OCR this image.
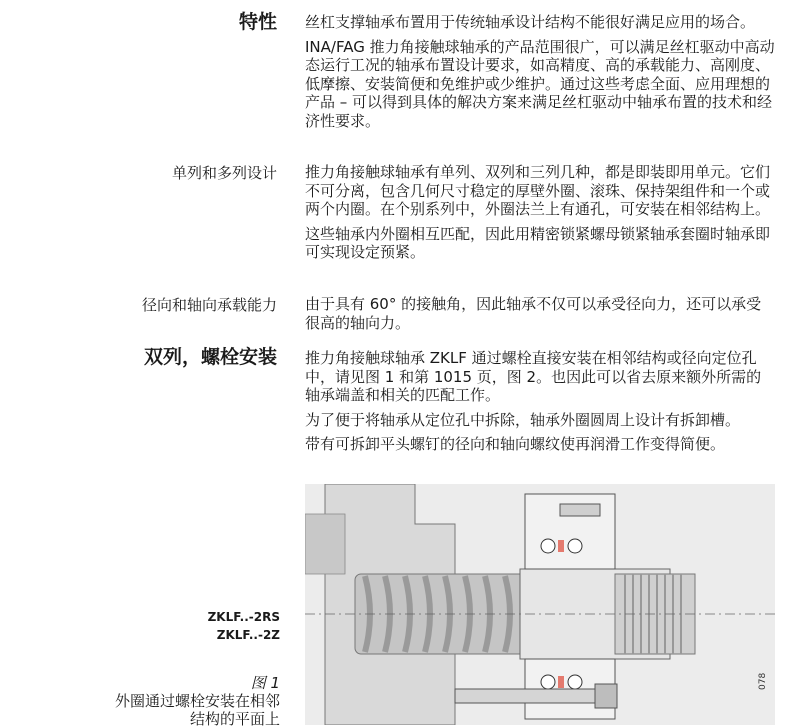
特性 丝杠支撑轴承布置用于传统轴承设计结构不能很好满足应用的场合。

INA/FAG 推力角接触球轴承的产品范围很广，可以满足丝杠驱动中高动态运行工况的轴承布置设计要求，如高精度、高的承载能力、高刚度、低摩擦、安装简便和免维护或少维护。通过这些考虑全面、应用理想的产品 – 可以得到具体的解决方案来满足丝杠驱动中轴承布置的技术和经济性要求。

单列和多列设计 推力角接触球轴承有单列、双列和三列几种，都是即装即用单元。它们不可分离，包含几何尺寸稳定的厚壁外圈、滚珠、保持架组件和一个或两个内圈。在个别系列中，外圈法兰上有通孔，可安装在相邻结构上。

这些轴承内外圈相互匹配，因此用精密锁紧螺母锁紧轴承套圈时轴承即可实现设定预紧。

径向和轴向承载能力 由于具有 60° 的接触角，因此轴承不仅可以承受径向力，还可以承受很高的轴向力。

双列，螺栓安装 推力角接触球轴承 ZKLF 通过螺栓直接安装在相邻结构或径向定位孔中，请见图 1 和第 1015 页，图 2。也因此可以省去原来额外所需的轴承端盖和相关的匹配工作。

为了便于将轴承从定位孔中拆除，轴承外圈圆周上设计有拆卸槽。

带有可拆卸平头螺钉的径向和轴向螺纹使再润滑工作变得简便。

ZKLF..-2RS
ZKLF..-2Z
图 1
外圈通过螺栓安装在相邻结构的平面上
078
